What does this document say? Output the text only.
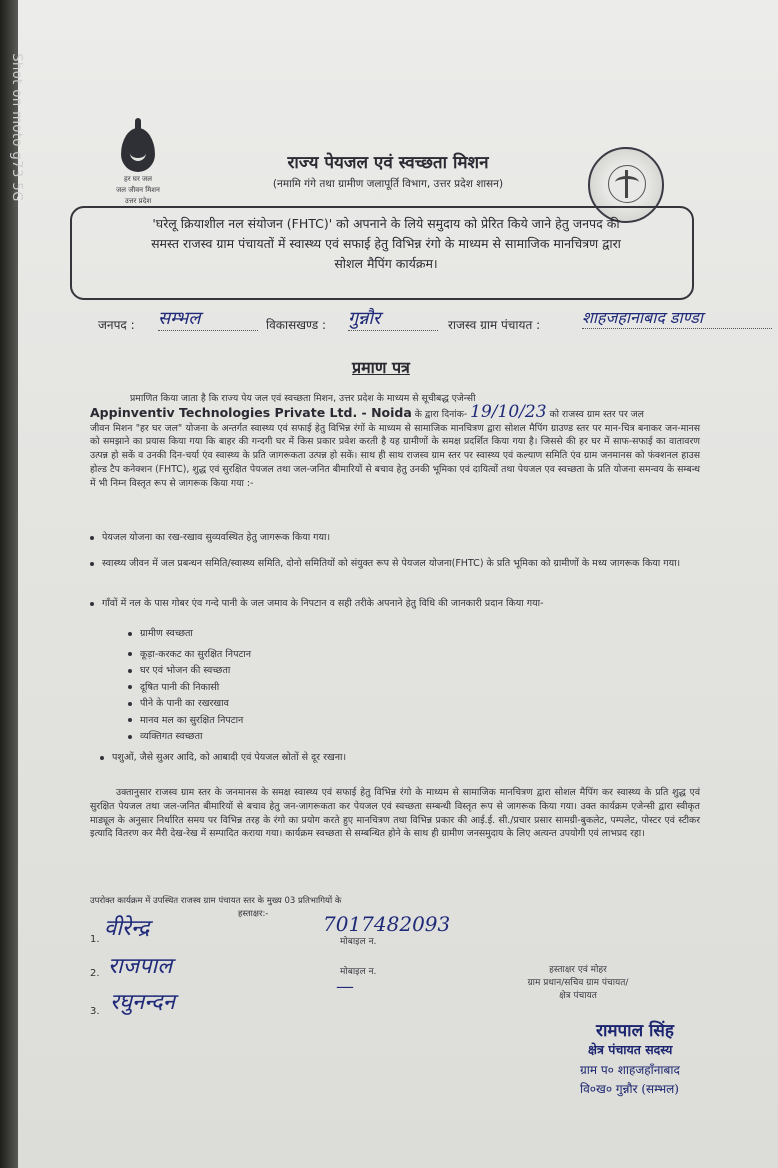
हर घर जल
जल जीवन मिशन
उत्तर प्रदेश
राज्य पेयजल एवं स्वच्छता मिशन
(नमामि गंगे तथा ग्रामीण जलापूर्ति विभाग, उत्तर प्रदेश शासन)
'घरेलू क्रियाशील नल संयोजन (FHTC)' को अपनाने के लिये समुदाय को प्रेरित किये जाने हेतु जनपद की
समस्त राजस्व ग्राम पंचायतों में स्वास्थ्य एवं सफाई हेतु विभिन्न रंगो के माध्यम से सामाजिक मानचित्रण द्वारा
सोशल मैपिंग कार्यक्रम।
जनपद : सम्भल	विकासखण्ड : गुन्नौर	राजस्व ग्राम पंचायत :	शाहजहानाबाद डाण्डा
प्रमाण पत्र
प्रमाणित किया जाता है कि राज्य पेय जल एवं स्वच्छता मिशन, उत्तर प्रदेश के माध्यम से सूचीबद्ध एजेन्सी
Appinventiv Technologies Private Ltd. - Noida के द्वारा दिनांक- 19/10/23 को राजस्व ग्राम स्तर पर जल
जीवन मिशन "हर घर जल" योजना के अन्तर्गत स्वास्थ्य एवं सफाई हेतु विभिन्न रंगों के माध्यम से सामाजिक मानचित्रण द्वारा सोशल मैपिंग ग्राउण्ड स्तर पर मान-चित्र बनाकर जन-मानस को समझाने का प्रयास किया गया कि बाहर की गन्दगी घर में किस प्रकार प्रवेश करती है यह ग्रामीणों के समक्ष प्रदर्शित किया गया है। जिससे की हर घर में साफ-सफाई का वातावरण उत्पन्न हो सकें व उनकी दिन-चर्या एंव स्वास्थ्य के प्रति जागरूकता उत्पन्न हो सकें। साथ ही साथ राजस्व ग्राम स्तर पर स्वास्थ्य एवं कल्याण समिति एंव ग्राम जनमानस को फंक्शनल हाउस होल्ड टैप कनेक्शन (FHTC), शुद्ध एवं सुरक्षित पेयजल तथा जल-जनित बीमारियों से बचाव हेतु उनकी भूमिका एवं दायित्वों तथा पेयजल एव स्वच्छता के प्रति योजना समन्वय के सम्बन्ध में भी निम्न विस्तृत रूप से जागरूक किया गया :-
पेयजल योजना का रख-रखाव सुव्यवस्थित हेतु जागरूक किया गया।
स्वास्थ्य जीवन में जल प्रबन्धन समिति/स्वास्थ्य समिति, दोनो समितियों को संयुक्त रूप से पेयजल योजना(FHTC) के प्रति भूमिका को ग्रामीणों के मध्य जागरूक किया गया।
गाँवों में नल के पास गोबर एंव गन्दे पानी के जल जमाव के निपटान व सही तरीके अपनाने हेतु विधि की जानकारी प्रदान किया गया-
ग्रामीण स्वच्छता
कूड़ा-करकट का सुरक्षित निपटान
घर एवं भोजन की स्वच्छता
दूषित पानी की निकासी
पीने के पानी का रखरखाव
मानव मल का सुरक्षित निपटान
व्यक्तिगत स्वच्छता
पशुओं, जैसे सुअर आदि, को आबादी एवं पेयजल स्रोतों से दूर रखना।
उक्तानुसार राजस्व ग्राम स्तर के जनमानस के समक्ष स्वास्थ्य एवं सफाई हेतु विभिन्न रंगो के माध्यम से सामाजिक मानचित्रण द्वारा सोशल मैपिंग कर स्वास्थ्य के प्रति शुद्ध एवं सुरक्षित पेयजल तथा जल-जनित बीमारियों से बचाव हेतु जन-जागरूकता कर पेयजल एवं स्वच्छता सम्बन्धी विस्तृत रूप से जागरूक किया गया। उक्त कार्यक्रम एजेन्सी द्वारा स्वीकृत माड्यूल के अनुसार निर्धारित समय पर विभिन्न तरह के रंगो का प्रयोग करते हुए मानचित्रण तथा विभिन्न प्रकार की आई.ई. सी./प्रचार प्रसार सामग्री-बुकलेट, पम्पलेट, पोस्टर एवं स्टीकर इत्यादि वितरण कर मैरी देख-रेख में सम्पादित कराया गया। कार्यक्रम स्वच्छता से सम्बन्धित होने के साथ ही ग्रामीण जनसमुदाय के लिए अत्यन्त उपयोगी एवं लाभप्रद रहा।
उपरोक्त कार्यक्रम में उपस्थित राजस्व ग्राम पंचायत स्तर के मुख्य 03 प्रतिभागियों के
हस्ताक्षर:-
1. वीरेन्द्र	7017482093
मोबाइल न.
2. राजपाल
—
मोबाइल न.
3. रघुनन्दन
हस्ताक्षर एवं मोहर
ग्राम प्रधान/सचिव ग्राम पंचायत/
क्षेत्र पंचायत
रामपाल सिंह
क्षेत्र पंचायत सदस्य
ग्राम प० शाहजहाँनाबाद
वि०ख० गुन्नौर (सम्भल)
Shot on moto g73 5G
